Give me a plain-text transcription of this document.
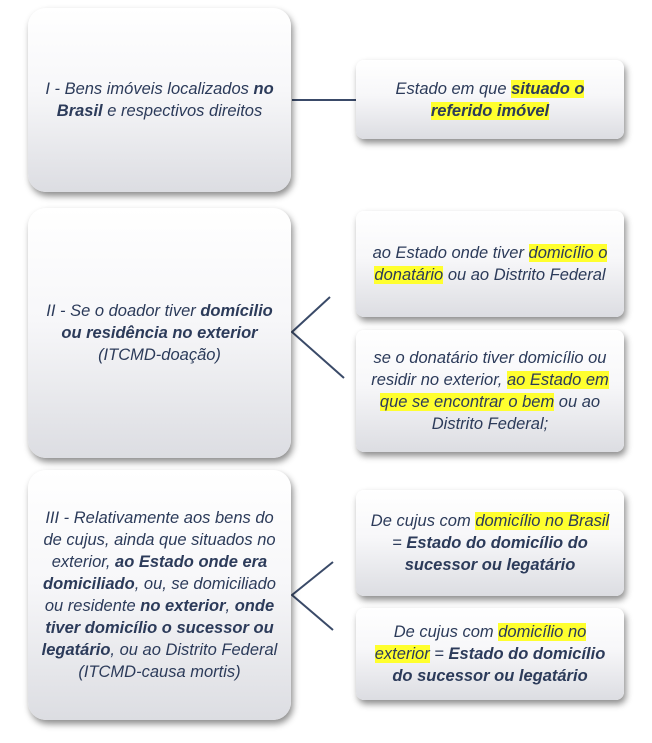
I - Bens imóveis localizados no Brasil e respectivos direitos

Estado em que situado o referido imóvel

II - Se o doador tiver domícilio ou residência no exterior (ITCMD-doação)

ao Estado onde tiver domicílio o donatário ou ao Distrito Federal

se o donatário tiver domicílio ou residir no exterior, ao Estado em que se encontrar o bem ou ao Distrito Federal;

III - Relativamente aos bens do de cujus, ainda que situados no exterior, ao Estado onde era domiciliado, ou, se domiciliado ou residente no exterior, onde tiver domicílio o sucessor ou legatário, ou ao Distrito Federal (ITCMD-causa mortis)

De cujus com domicílio no Brasil = Estado do domicílio do sucessor ou legatário

De cujus com domicílio no exterior = Estado do domicílio do sucessor ou legatário
